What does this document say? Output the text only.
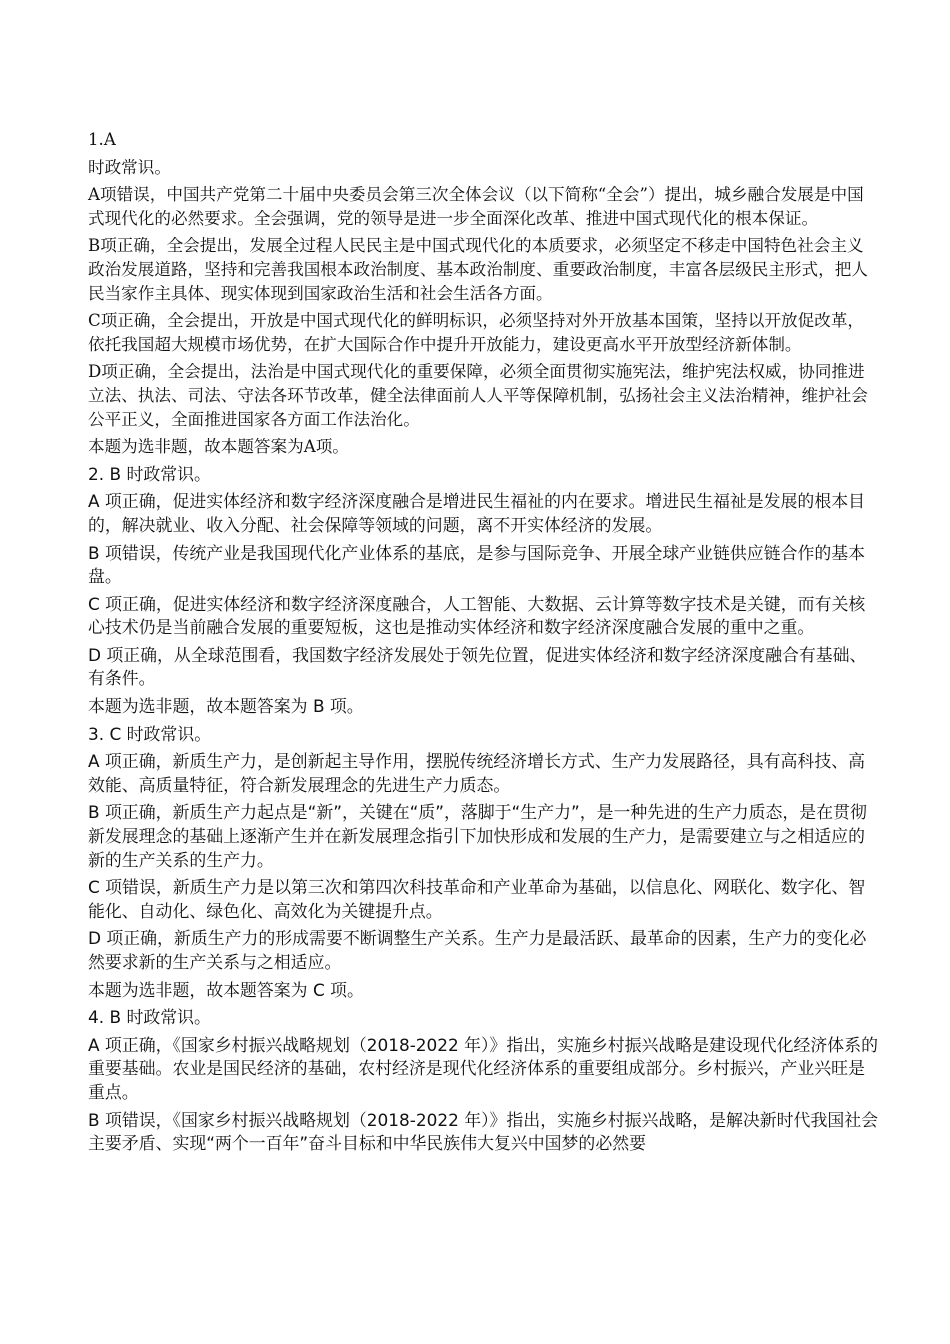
1.A
时政常识。
A项错误，中国共产党第二十届中央委员会第三次全体会议（以下简称“全会”）提出，城乡融合发展是中国式现代化的必然要求。全会强调，党的领导是进一步全面深化改革、推进中国式现代化的根本保证。
B项正确，全会提出，发展全过程人民民主是中国式现代化的本质要求，必须坚定不移走中国特色社会主义政治发展道路，坚持和完善我国根本政治制度、基本政治制度、重要政治制度，丰富各层级民主形式，把人民当家作主具体、现实体现到国家政治生活和社会生活各方面。
C项正确，全会提出，开放是中国式现代化的鲜明标识，必须坚持对外开放基本国策，坚持以开放促改革，依托我国超大规模市场优势，在扩大国际合作中提升开放能力，建设更高水平开放型经济新体制。
D项正确，全会提出，法治是中国式现代化的重要保障，必须全面贯彻实施宪法，维护宪法权威，协同推进立法、执法、司法、守法各环节改革，健全法律面前人人平等保障机制，弘扬社会主义法治精神，维护社会公平正义，全面推进国家各方面工作法治化。
本题为选非题，故本题答案为A项。
2. B 时政常识。
A 项正确，促进实体经济和数字经济深度融合是增进民生福祉的内在要求。增进民生福祉是发展的根本目的，解决就业、收入分配、社会保障等领域的问题，离不开实体经济的发展。
B 项错误，传统产业是我国现代化产业体系的基底，是参与国际竞争、开展全球产业链供应链合作的基本盘。
C 项正确，促进实体经济和数字经济深度融合，人工智能、大数据、云计算等数字技术是关键，而有关核心技术仍是当前融合发展的重要短板，这也是推动实体经济和数字经济深度融合发展的重中之重。
D 项正确，从全球范围看，我国数字经济发展处于领先位置，促进实体经济和数字经济深度融合有基础、有条件。
本题为选非题，故本题答案为 B 项。
3. C 时政常识。
A 项正确，新质生产力，是创新起主导作用，摆脱传统经济增长方式、生产力发展路径，具有高科技、高效能、高质量特征，符合新发展理念的先进生产力质态。
B 项正确，新质生产力起点是“新”，关键在“质”，落脚于“生产力”，是一种先进的生产力质态，是在贯彻新发展理念的基础上逐渐产生并在新发展理念指引下加快形成和发展的生产力，是需要建立与之相适应的新的生产关系的生产力。
C 项错误，新质生产力是以第三次和第四次科技革命和产业革命为基础，以信息化、网联化、数字化、智能化、自动化、绿色化、高效化为关键提升点。
D 项正确，新质生产力的形成需要不断调整生产关系。生产力是最活跃、最革命的因素，生产力的变化必然要求新的生产关系与之相适应。
本题为选非题，故本题答案为 C 项。
4. B 时政常识。
A 项正确，《国家乡村振兴战略规划（2018-2022 年）》指出，实施乡村振兴战略是建设现代化经济体系的重要基础。农业是国民经济的基础，农村经济是现代化经济体系的重要组成部分。乡村振兴，产业兴旺是重点。
B 项错误，《国家乡村振兴战略规划（2018-2022 年）》指出，实施乡村振兴战略，是解决新时代我国社会主要矛盾、实现“两个一百年”奋斗目标和中华民族伟大复兴中国梦的必然要
